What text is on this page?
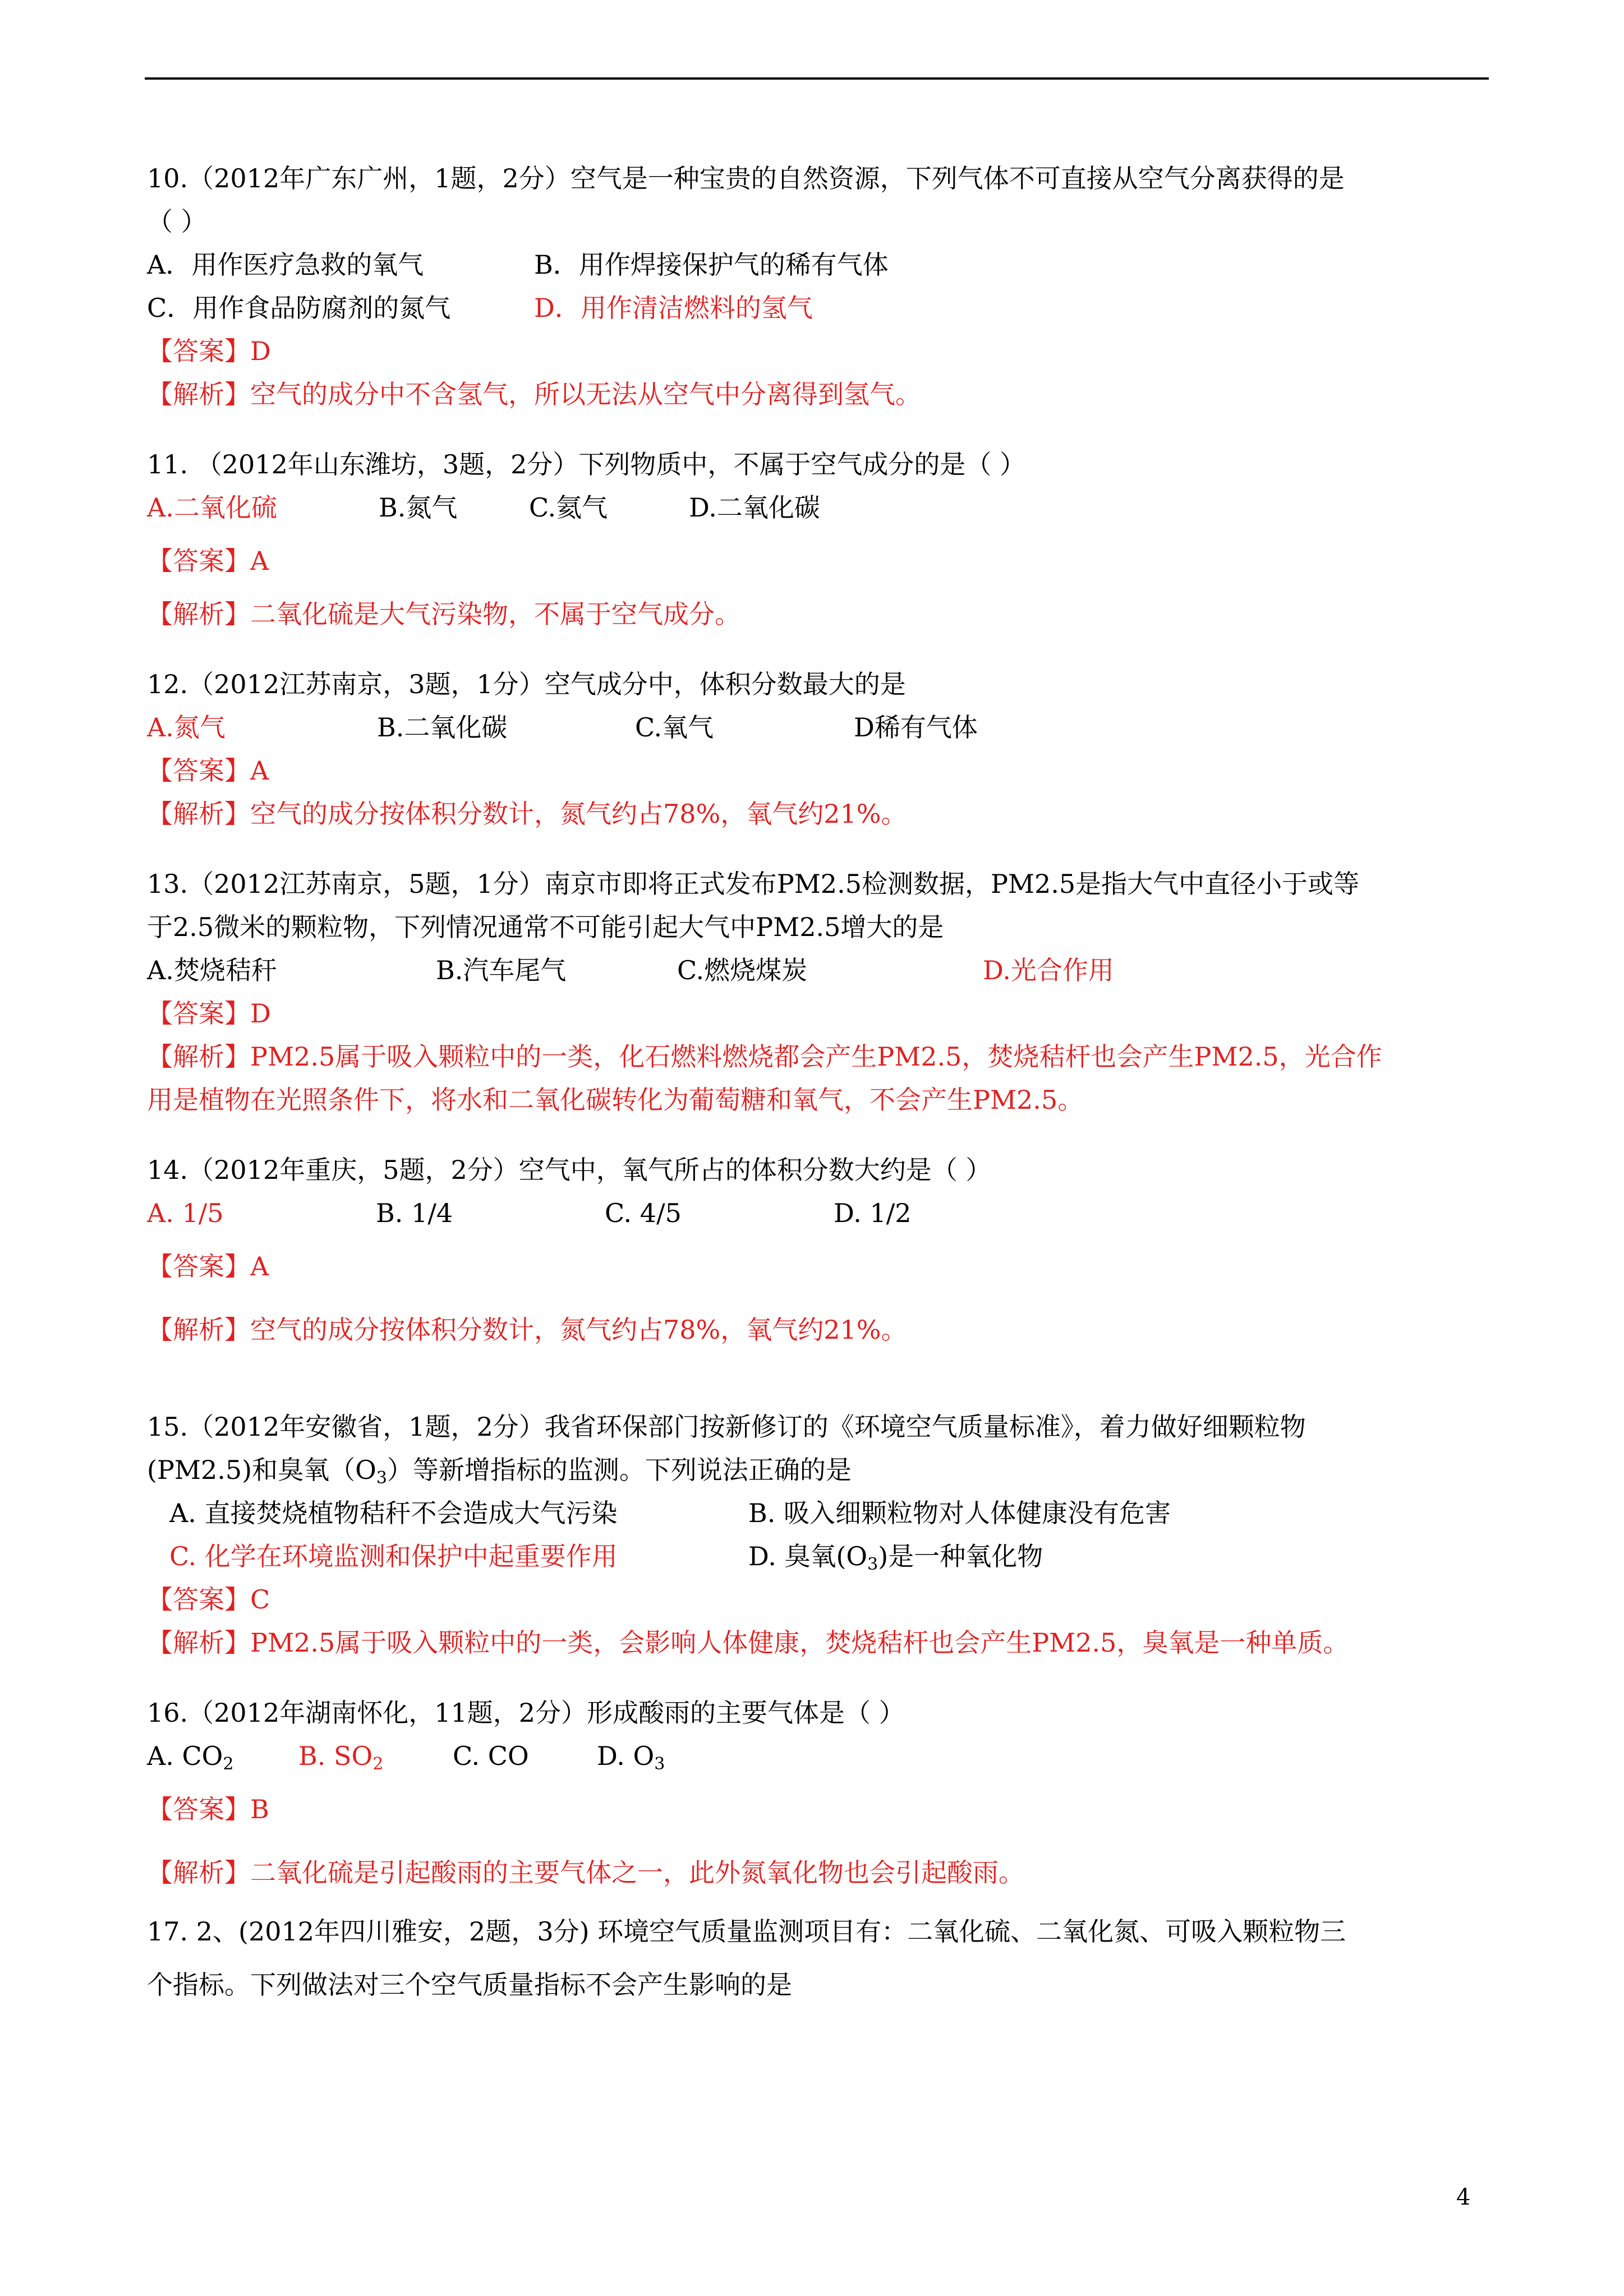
10.（2012年广东广州，1题，2分）空气是一种宝贵的自然资源，下列气体不可直接从空气分离获得的是
（ ）
A．用作医疗急救的氧气	B．用作焊接保护气的稀有气体
C．用作食品防腐剂的氮气	D．用作清洁燃料的氢气
【答案】D
【解析】空气的成分中不含氢气，所以无法从空气中分离得到氢气。
11. （2012年山东潍坊，3题，2分）下列物质中，不属于空气成分的是（ ）
A.二氧化硫	B.氮气	C.氦气	D.二氧化碳
【答案】A
【解析】二氧化硫是大气污染物，不属于空气成分。
12.（2012江苏南京，3题，1分）空气成分中，体积分数最大的是
A.氮气	B.二氧化碳	C.氧气	D稀有气体
【答案】A
【解析】空气的成分按体积分数计，氮气约占78%，氧气约21%。
13.（2012江苏南京，5题，1分）南京市即将正式发布PM2.5检测数据，PM2.5是指大气中直径小于或等
于2.5微米的颗粒物，下列情况通常不可能引起大气中PM2.5增大的是
A.焚烧秸秆	B.汽车尾气	C.燃烧煤炭	D.光合作用
【答案】D
【解析】PM2.5属于吸入颗粒中的一类，化石燃料燃烧都会产生PM2.5，焚烧秸杆也会产生PM2.5，光合作
用是植物在光照条件下，将水和二氧化碳转化为葡萄糖和氧气，不会产生PM2.5。
14.（2012年重庆，5题，2分）空气中，氧气所占的体积分数大约是（ ）
A. 1/5	B. 1/4	C. 4/5	D. 1/2
【答案】A
【解析】空气的成分按体积分数计，氮气约占78%，氧气约21%。
15.（2012年安徽省，1题，2分）我省环保部门按新修订的《环境空气质量标准》，着力做好细颗粒物
(PM2.5)和臭氧$(O_3)$等新增指标的监测。下列说法正确的是
A. 直接焚烧植物秸秆不会造成大气污染	B. 吸入细颗粒物对人体健康没有危害
C. 化学在环境监测和保护中起重要作用	D. 臭氧$(O_3)$是一种氧化物
【答案】C
【解析】PM2.5属于吸入颗粒中的一类，会影响人体健康，焚烧秸杆也会产生PM2.5，臭氧是一种单质。
16.（2012年湖南怀化，11题，2分）形成酸雨的主要气体是（ ）
A. $CO_2$	B. $SO_2$	C. CO	D. $O_3$
【答案】B
【解析】二氧化硫是引起酸雨的主要气体之一，此外氮氧化物也会引起酸雨。
17. 2、(2012年四川雅安，2题，3分) 环境空气质量监测项目有：二氧化硫、二氧化氮、可吸入颗粒物三
个指标。下列做法对三个空气质量指标不会产生影响的是
4
